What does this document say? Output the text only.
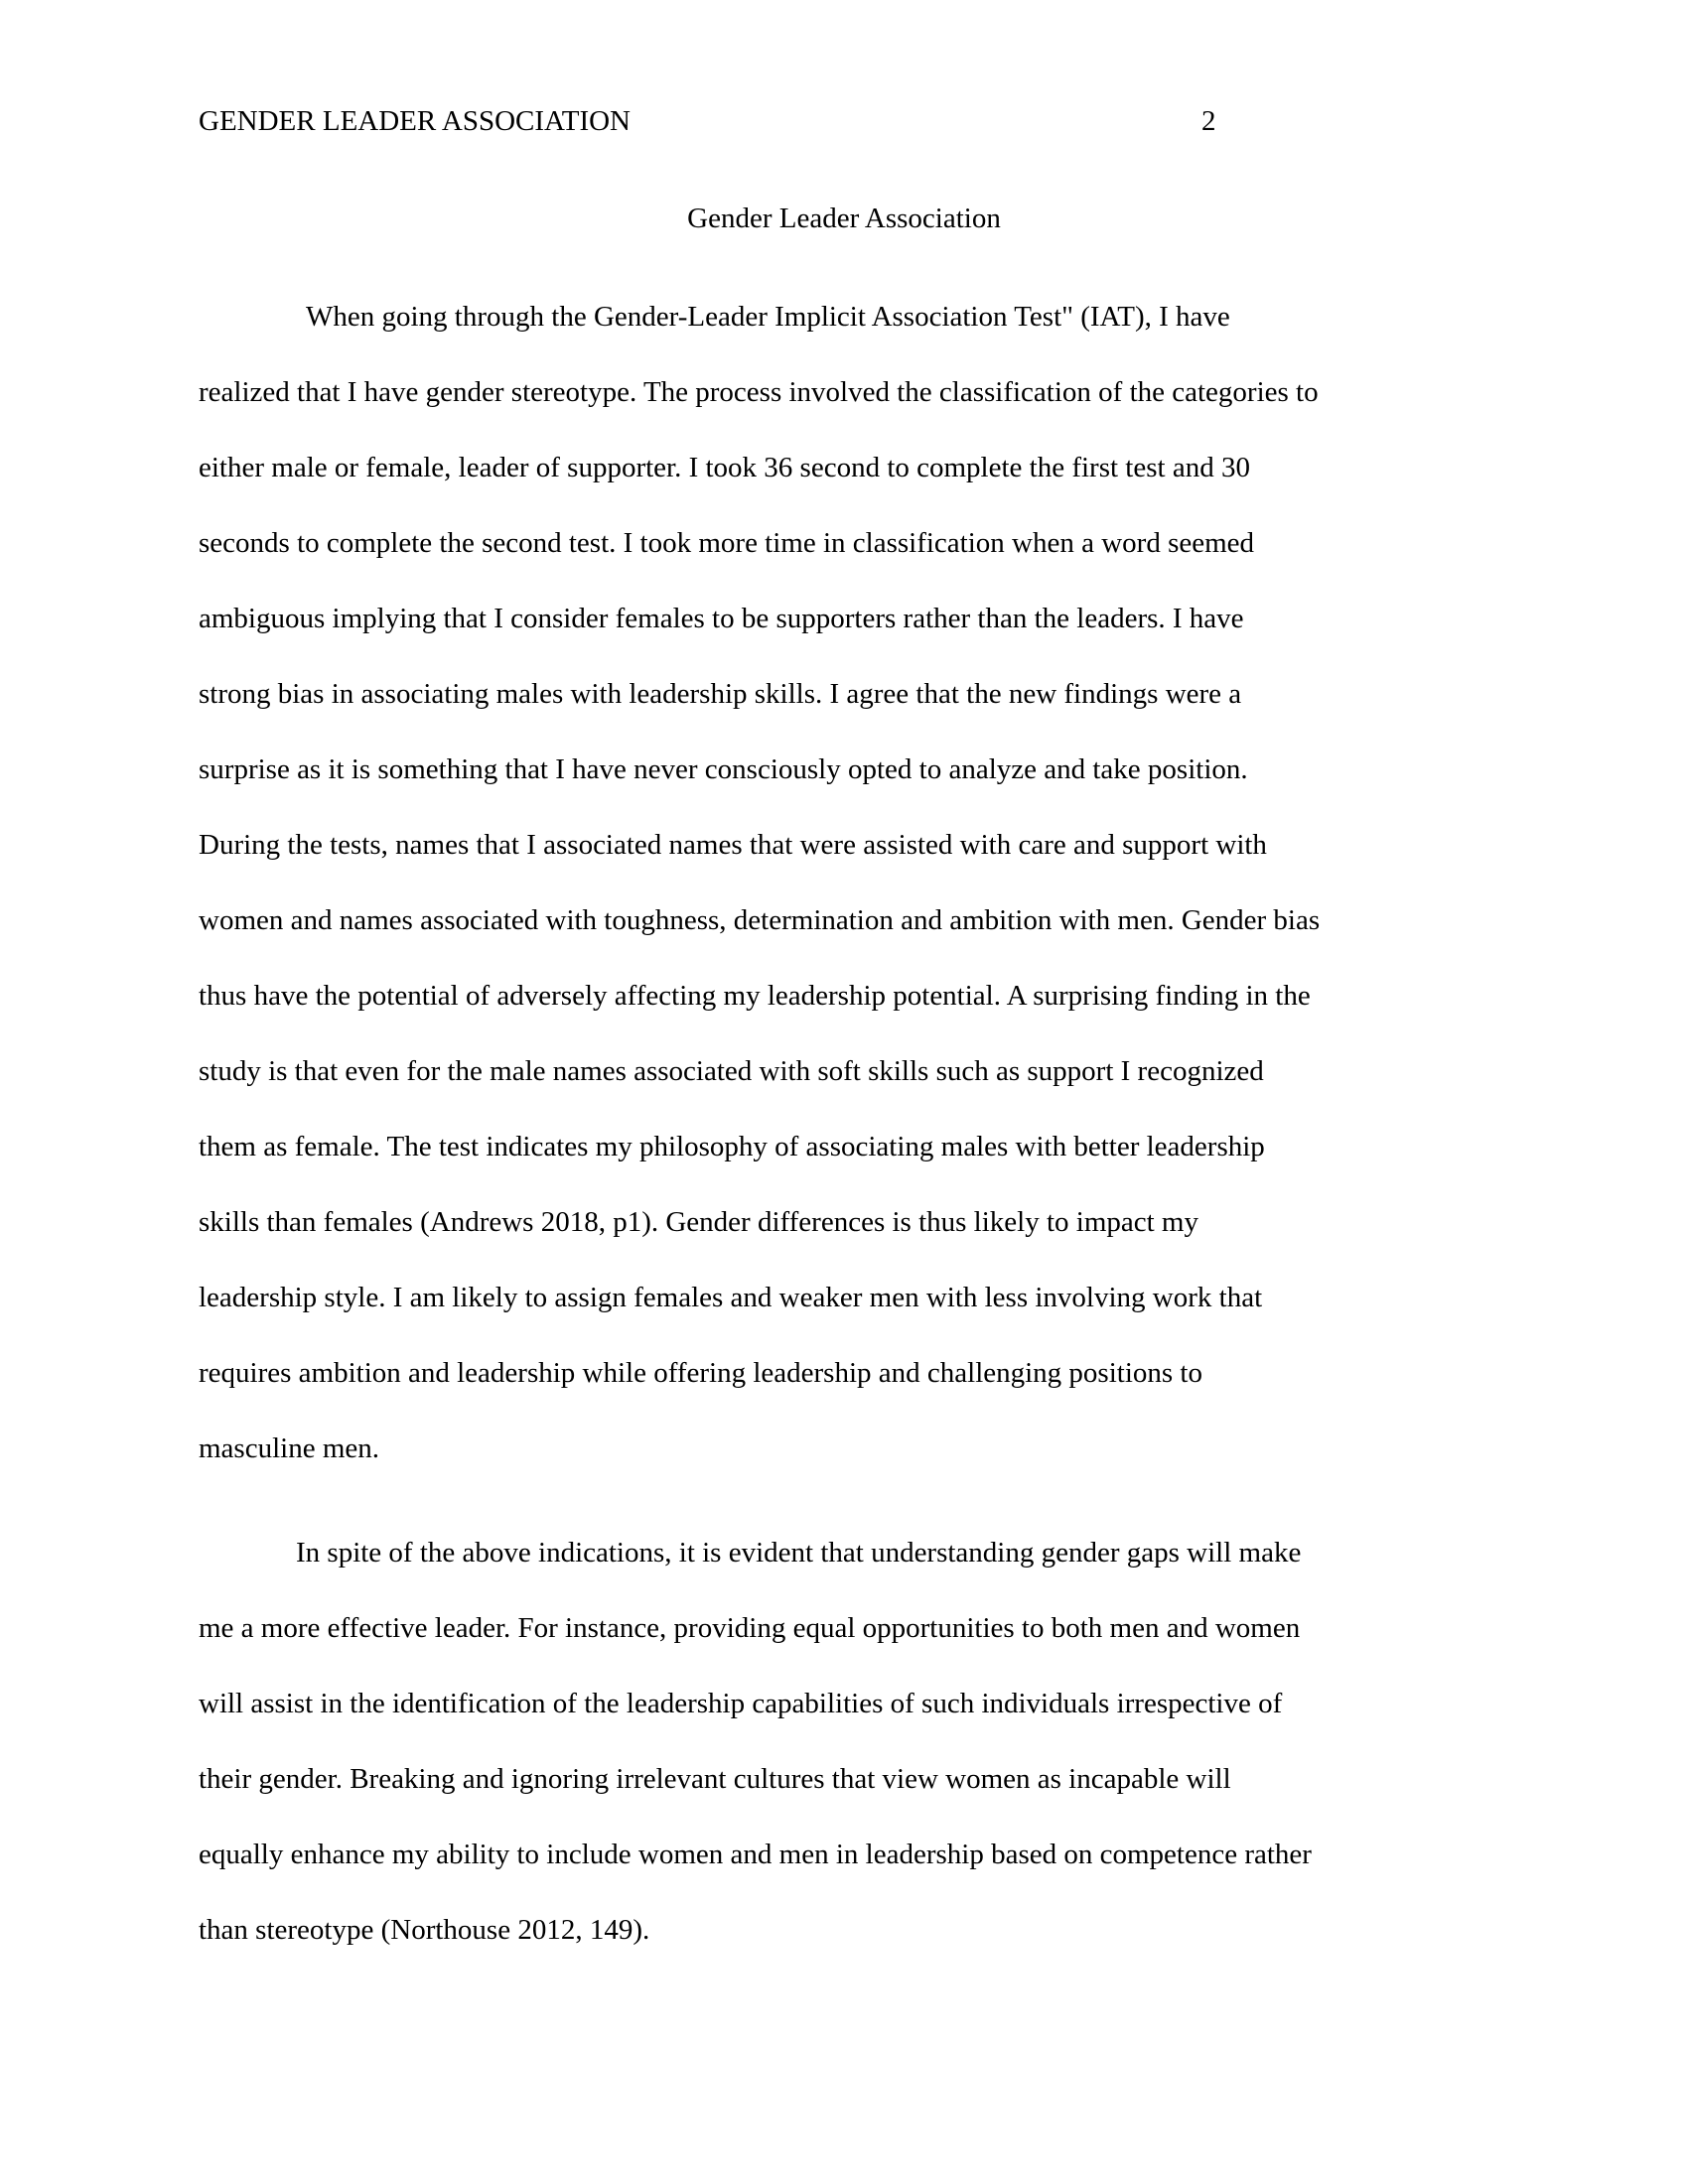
GENDER LEADER ASSOCIATION	2
Gender Leader Association
When going through the Gender-Leader Implicit Association Test" (IAT), I have
realized that I have gender stereotype. The process involved the classification of the categories to
either male or female, leader of supporter. I took 36 second to complete the first test and 30
seconds to complete the second test. I took more time in classification when a word seemed
ambiguous implying that I consider females to be supporters rather than the leaders. I have
strong bias in associating males with leadership skills. I agree that the new findings were a
surprise as it is something that I have never consciously opted to analyze and take position.
During the tests, names that I associated names that were assisted with care and support with
women and names associated with toughness, determination and ambition with men. Gender bias
thus have the potential of adversely affecting my leadership potential. A surprising finding in the
study is that even for the male names associated with soft skills such as support I recognized
them as female. The test indicates my philosophy of associating males with better leadership
skills than females (Andrews 2018, p1). Gender differences is thus likely to impact my
leadership style. I am likely to assign females and weaker men with less involving work that
requires ambition and leadership while offering leadership and challenging positions to
masculine men.
In spite of the above indications, it is evident that understanding gender gaps will make
me a more effective leader. For instance, providing equal opportunities to both men and women
will assist in the identification of the leadership capabilities of such individuals irrespective of
their gender. Breaking and ignoring irrelevant cultures that view women as incapable will
equally enhance my ability to include women and men in leadership based on competence rather
than stereotype (Northouse 2012, 149).
